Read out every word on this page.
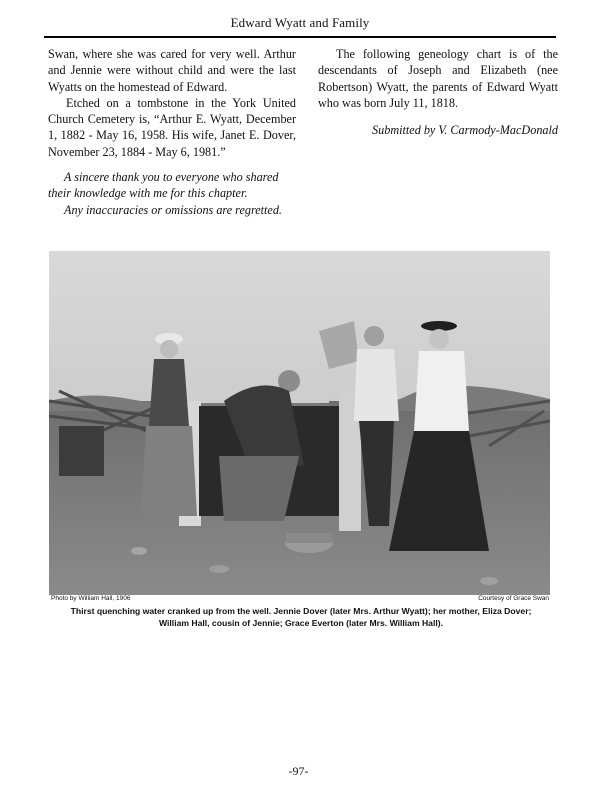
Edward Wyatt and Family

Swan, where she was cared for very well. Arthur and Jennie were without child and were the last Wyatts on the homestead of Edward.

Etched on a tombstone in the York United Church Cemetery is, “Arthur E. Wyatt, December 1, 1882 - May 16, 1958. His wife, Janet E. Dover, November 23, 1884 - May 6, 1981.”

A sincere thank you to everyone who shared their knowledge with me for this chapter.

Any inaccuracies or omissions are regretted.

The following geneology chart is of the descendants of Joseph and Elizabeth (nee Robertson) Wyatt, the parents of Edward Wyatt who was born July 11, 1818.

Submitted by V. Carmody-MacDonald

Photo by William Hall, 1906	Courtesy of Grace Swan
Thirst quenching water cranked up from the well. Jennie Dover (later Mrs. Arthur Wyatt); her mother, Eliza Dover;
William Hall, cousin of Jennie; Grace Everton (later Mrs. William Hall).
-97-
